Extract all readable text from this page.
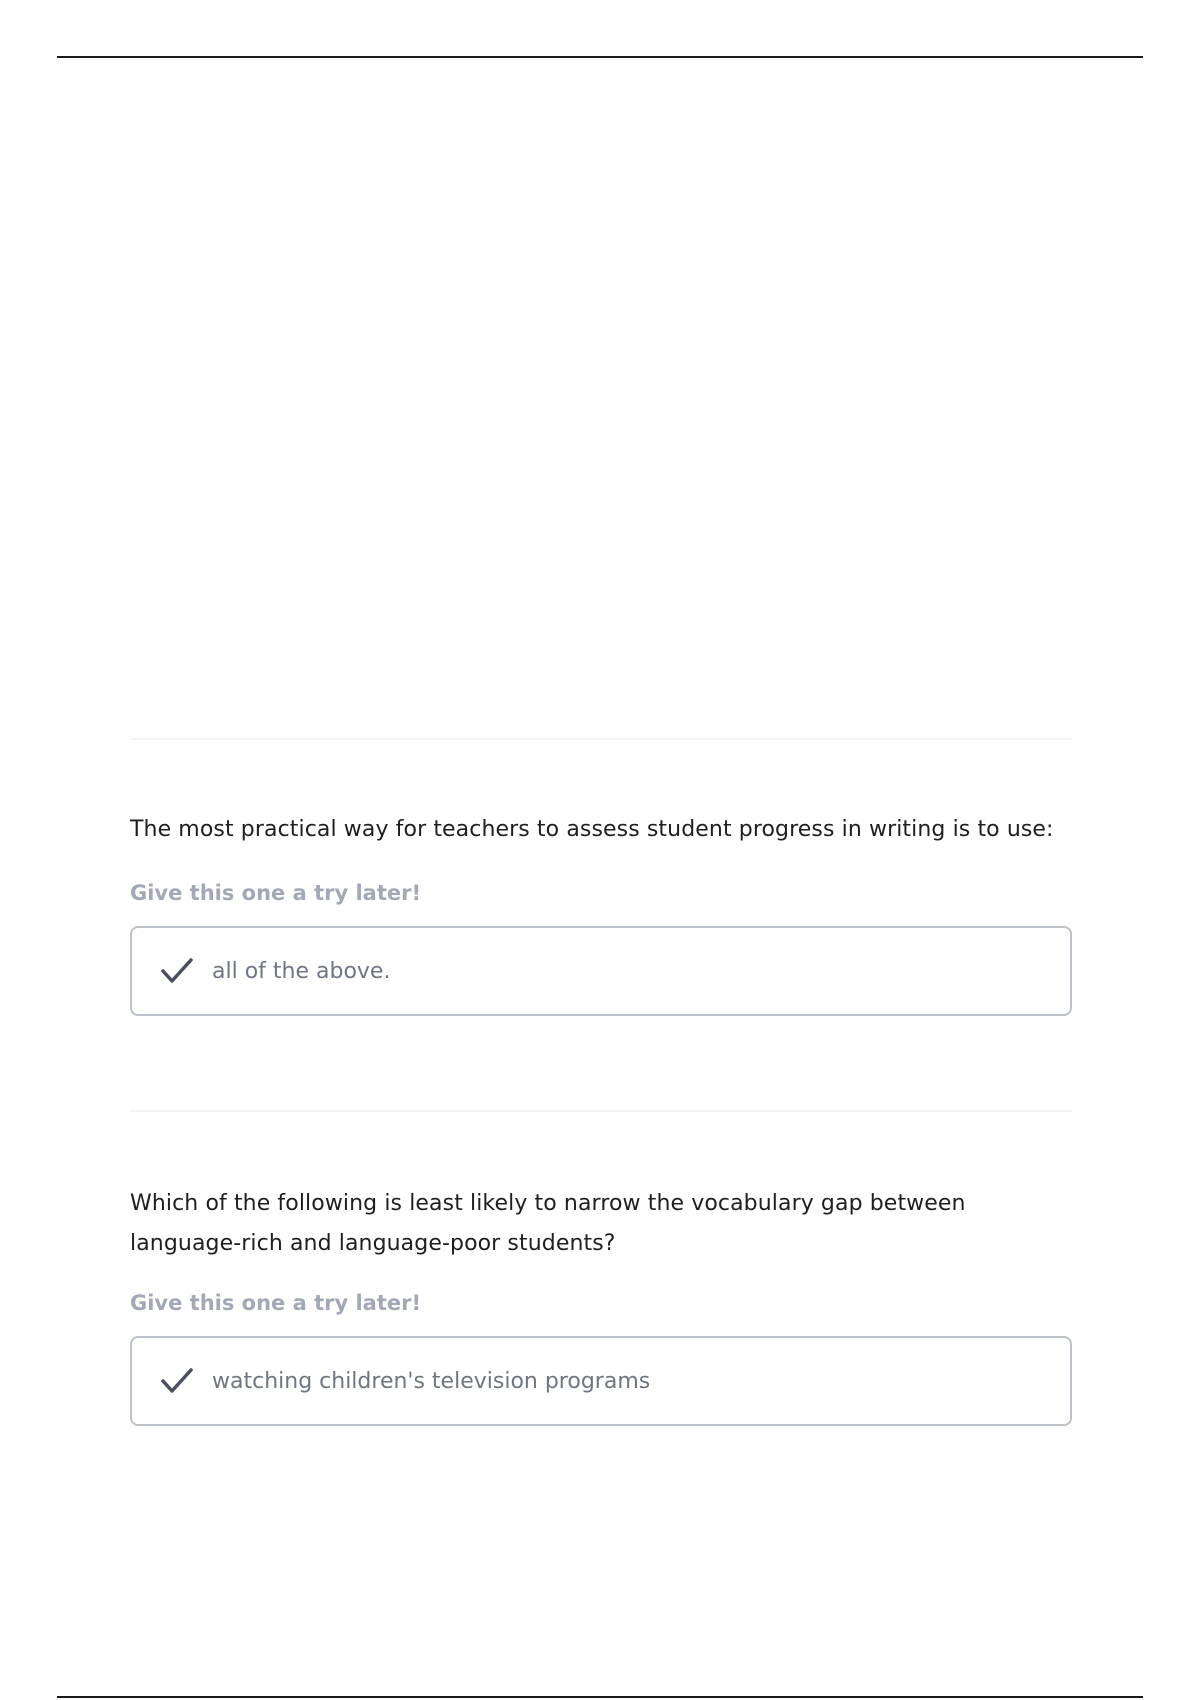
The most practical way for teachers to assess student progress in writing is to use:

Give this one a try later!

all of the above.

Which of the following is least likely to narrow the vocabulary gap between language-rich and language-poor students?

Give this one a try later!

watching children's television programs
